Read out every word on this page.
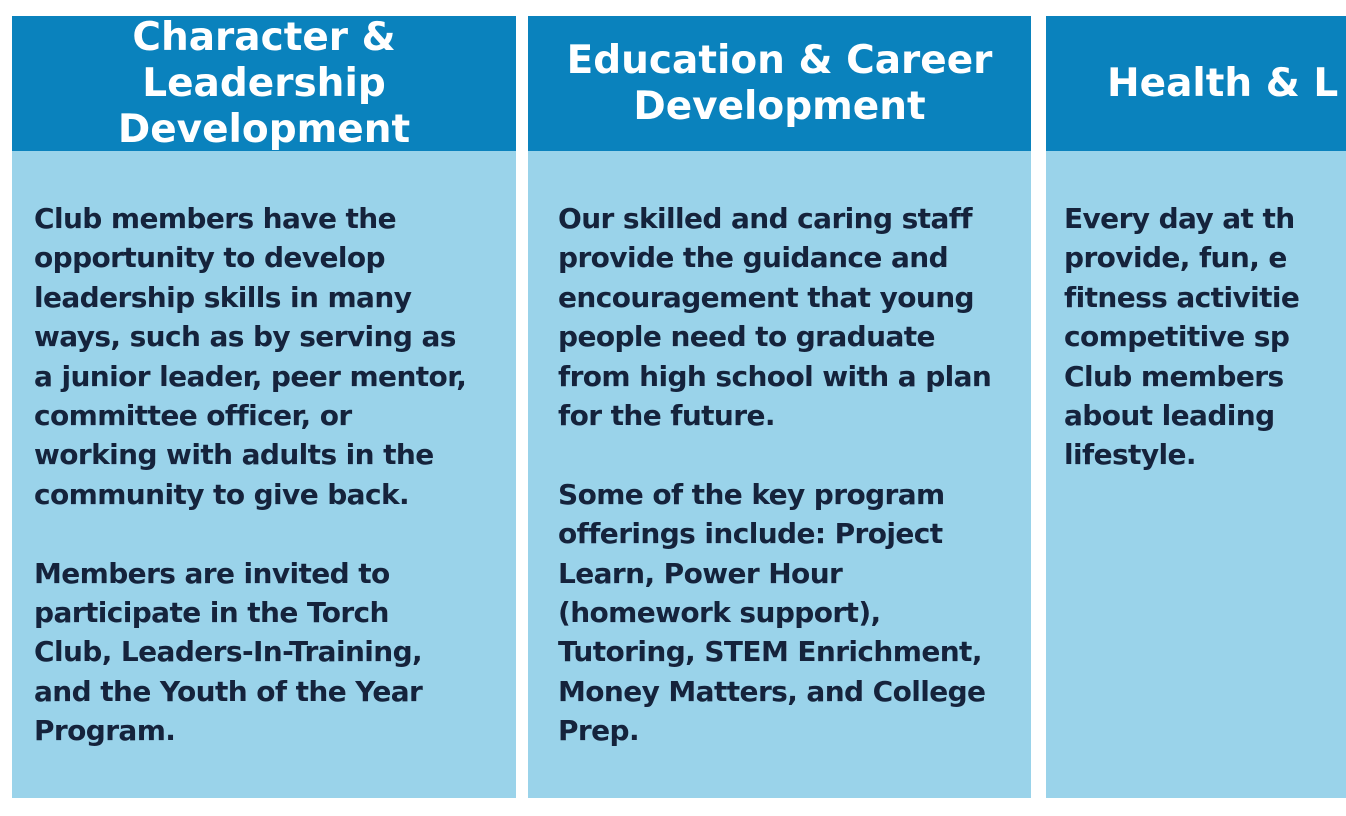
Character & Leadership
Development

Club members have the
opportunity to develop
leadership skills in many
ways, such as by serving as
a junior leader, peer mentor,
committee officer, or
working with adults in the
community to give back.

Members are invited to
participate in the Torch
Club, Leaders-In-Training,
and the Youth of the Year
Program.

Education & Career
Development

Our skilled and caring staff
provide the guidance and
encouragement that young
people need to graduate
from high school with a plan
for the future.

Some of the key program
offerings include: Project
Learn, Power Hour
(homework support),
Tutoring, STEM Enrichment,
Money Matters, and College
Prep.

Health & L

Every day at th
provide, fun, e
fitness activitie
competitive sp
Club members
about leading
lifestyle.
